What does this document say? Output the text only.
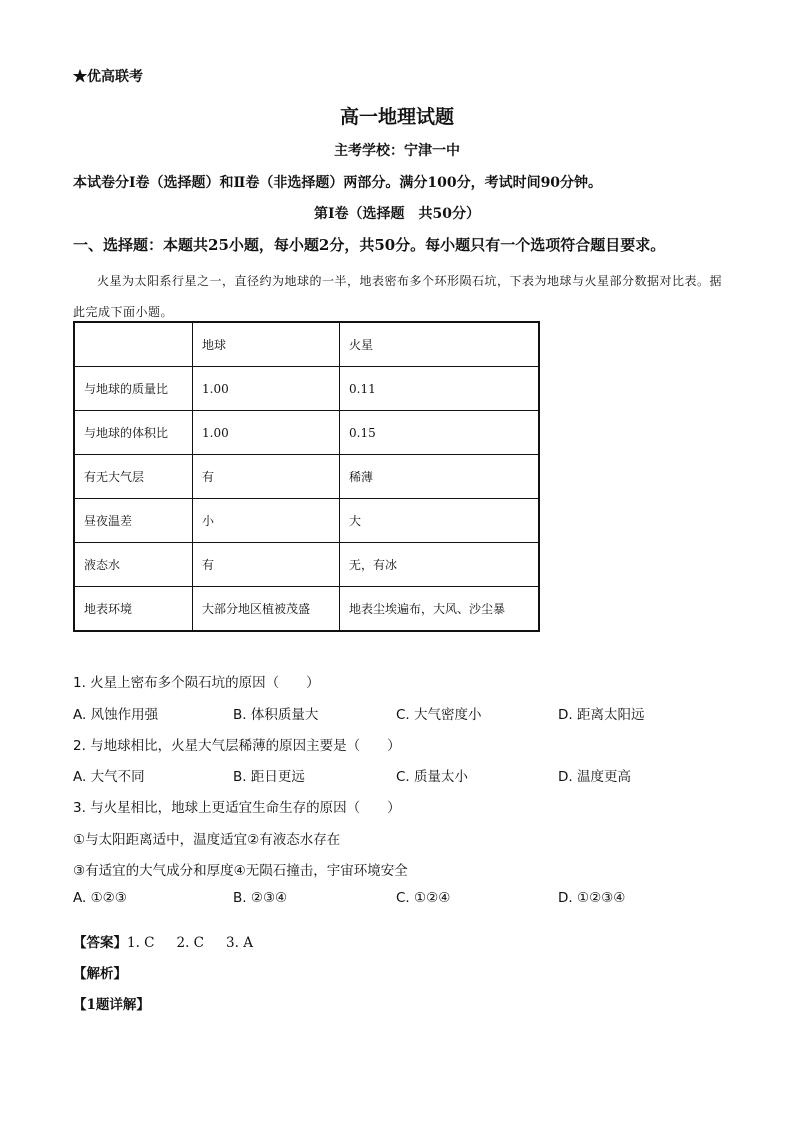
★优高联考
高一地理试题
主考学校：宁津一中
本试卷分Ⅰ卷（选择题）和Ⅱ卷（非选择题）两部分。满分100分，考试时间90分钟。
第Ⅰ卷（选择题　共50分）
一、选择题：本题共25小题，每小题2分，共50分。每小题只有一个选项符合题目要求。
火星为太阳系行星之一，直径约为地球的一半，地表密布多个环形陨石坑，下表为地球与火星部分数据对比表。据此完成下面小题。
	地球	火星
与地球的质量比	1.00	0.11
与地球的体积比	1.00	0.15
有无大气层	有	稀薄
昼夜温差	小	大
液态水	有	无，有冰
地表环境	大部分地区植被茂盛	地表尘埃遍布，大风、沙尘暴
1. 火星上密布多个陨石坑的原因（　　）
A. 风蚀作用强	B. 体积质量大	C. 大气密度小	D. 距离太阳远
2. 与地球相比，火星大气层稀薄的原因主要是（　　）
A. 大气不同	B. 距日更远	C. 质量太小	D. 温度更高
3. 与火星相比，地球上更适宜生命生存的原因（　　）
①与太阳距离适中，温度适宜②有液态水存在
③有适宜的大气成分和厚度④无陨石撞击，宇宙环境安全
A. ①②③	B. ②③④	C. ①②④	D. ①②③④
【答案】1. C 2. C 3. A
【解析】
【1题详解】
